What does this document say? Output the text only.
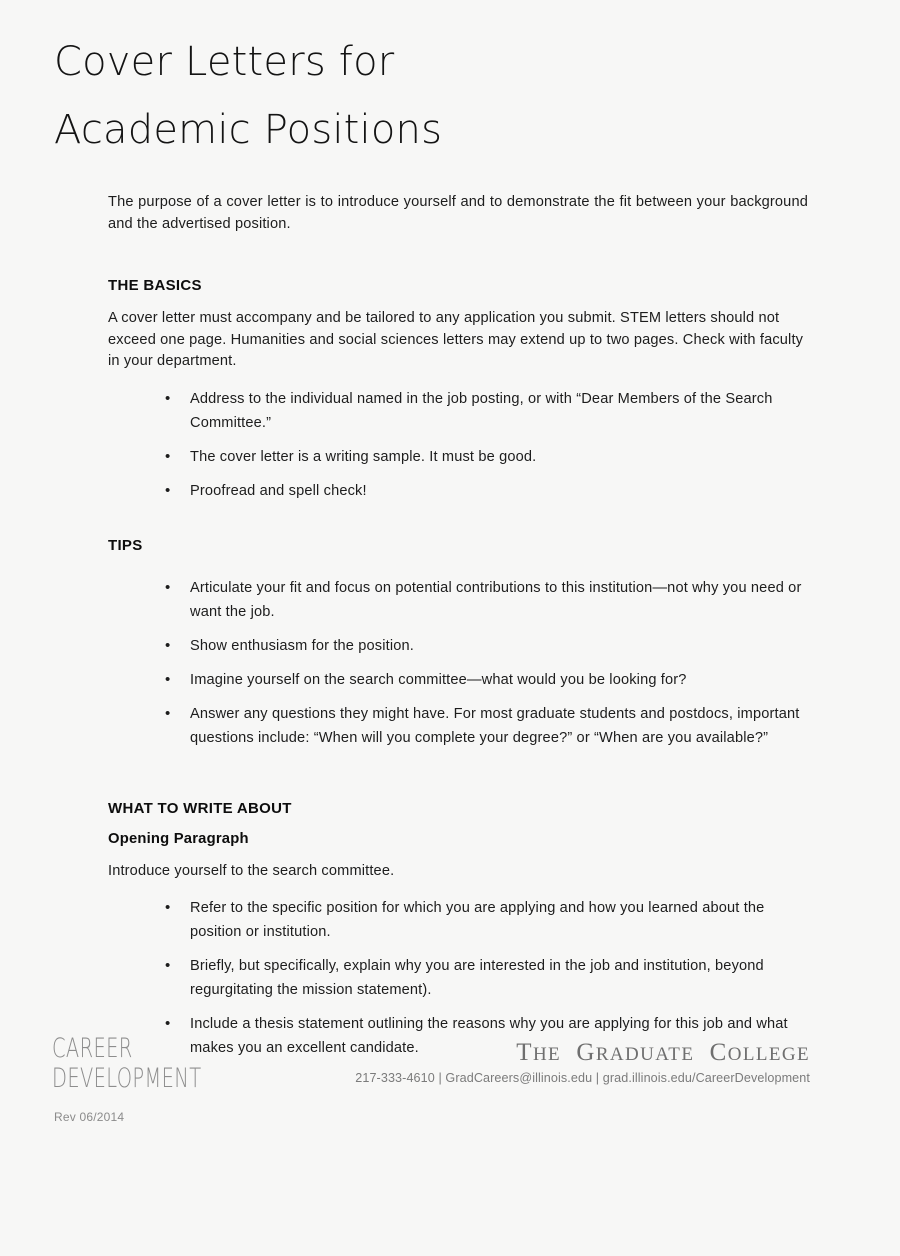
Cover Letters for
Academic Positions

The purpose of a cover letter is to introduce yourself and to demonstrate the fit between your background and the advertised position.

THE BASICS

A cover letter must accompany and be tailored to any application you submit. STEM letters should not exceed one page. Humanities and social sciences letters may extend up to two pages. Check with faculty in your department.

• Address to the individual named in the job posting, or with “Dear Members of the Search Committee.”
• The cover letter is a writing sample. It must be good.
• Proofread and spell check!
TIPS
• Articulate your fit and focus on potential contributions to this institution—not why you need or want the job.
• Show enthusiasm for the position.
• Imagine yourself on the search committee—what would you be looking for?
• Answer any questions they might have. For most graduate students and postdocs, important questions include: “When will you complete your degree?” or “When are you available?”
WHAT TO WRITE ABOUT
Opening Paragraph

Introduce yourself to the search committee.

• Refer to the specific position for which you are applying and how you learned about the position or institution.
• Briefly, but specifically, explain why you are interested in the job and institution, beyond regurgitating the mission statement).
• Include a thesis statement outlining the reasons why you are applying for this job and what makes you an excellent candidate.
CAREER
DEVELOPMENT
Rev 06/2014
THE GRADUATE COLLEGE
217-333-4610 | GradCareers@illinois.edu | grad.illinois.edu/CareerDevelopment
